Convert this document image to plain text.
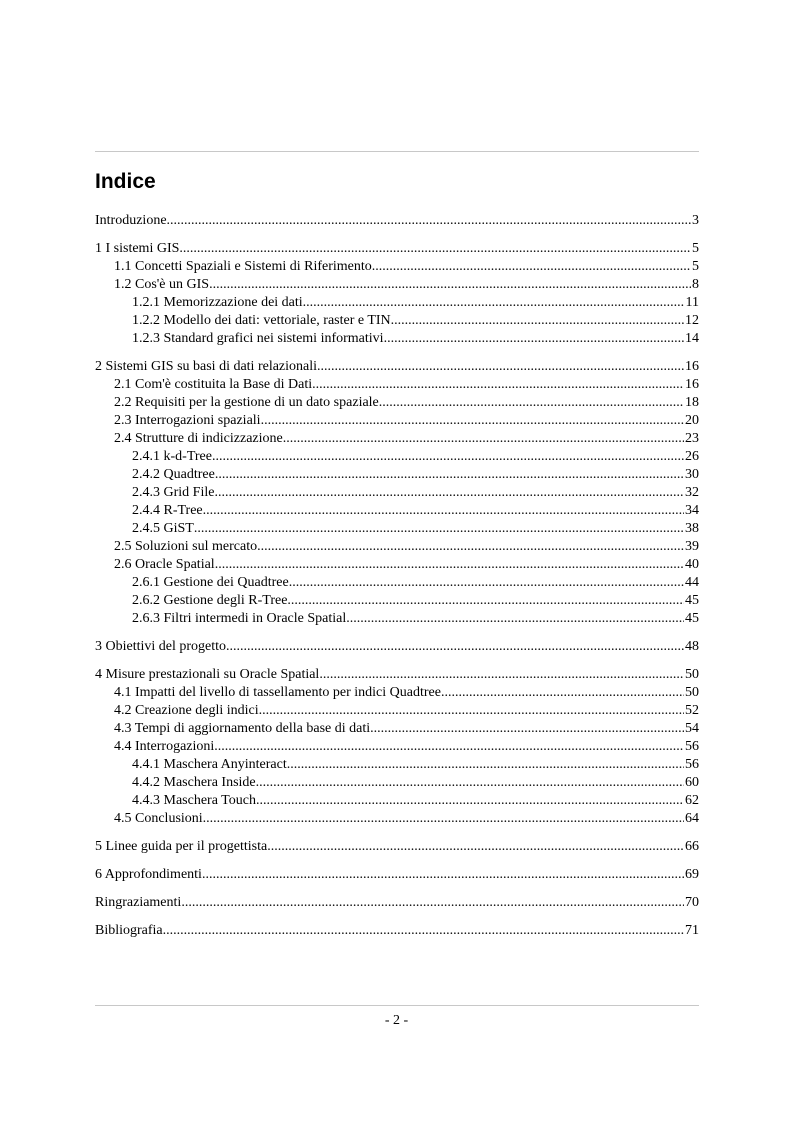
Indice
Introduzione .....	3
1 I sistemi GIS .....	5
1.1 Concetti Spaziali e Sistemi di Riferimento .....	5
1.2 Cos'è un GIS .....	8
1.2.1 Memorizzazione dei dati .....	11
1.2.2 Modello dei dati: vettoriale, raster e TIN .....	12
1.2.3 Standard grafici nei sistemi informativi .....	14
2 Sistemi GIS su basi di dati relazionali .....	16
2.1 Com'è costituita la Base di Dati .....	16
2.2 Requisiti per la gestione di un dato spaziale .....	18
2.3 Interrogazioni spaziali .....	20
2.4 Strutture di indicizzazione .....	23
2.4.1 k-d-Tree .....	26
2.4.2 Quadtree .....	30
2.4.3 Grid File .....	32
2.4.4 R-Tree .....	34
2.4.5 GiST .....	38
2.5 Soluzioni sul mercato .....	39
2.6 Oracle Spatial .....	40
2.6.1 Gestione dei Quadtree .....	44
2.6.2 Gestione degli R-Tree .....	45
2.6.3 Filtri intermedi in Oracle Spatial .....	45
3 Obiettivi del progetto .....	48
4 Misure prestazionali su Oracle Spatial .....	50
4.1 Impatti del livello di tassellamento per indici Quadtree .....	50
4.2 Creazione degli indici .....	52
4.3 Tempi di aggiornamento della base di dati .....	54
4.4 Interrogazioni .....	56
4.4.1 Maschera Anyinteract .....	56
4.4.2 Maschera Inside .....	60
4.4.3 Maschera Touch .....	62
4.5 Conclusioni .....	64
5 Linee guida per il progettista .....	66
6 Approfondimenti .....	69
Ringraziamenti .....	70
Bibliografia .....	71
- 2 -
